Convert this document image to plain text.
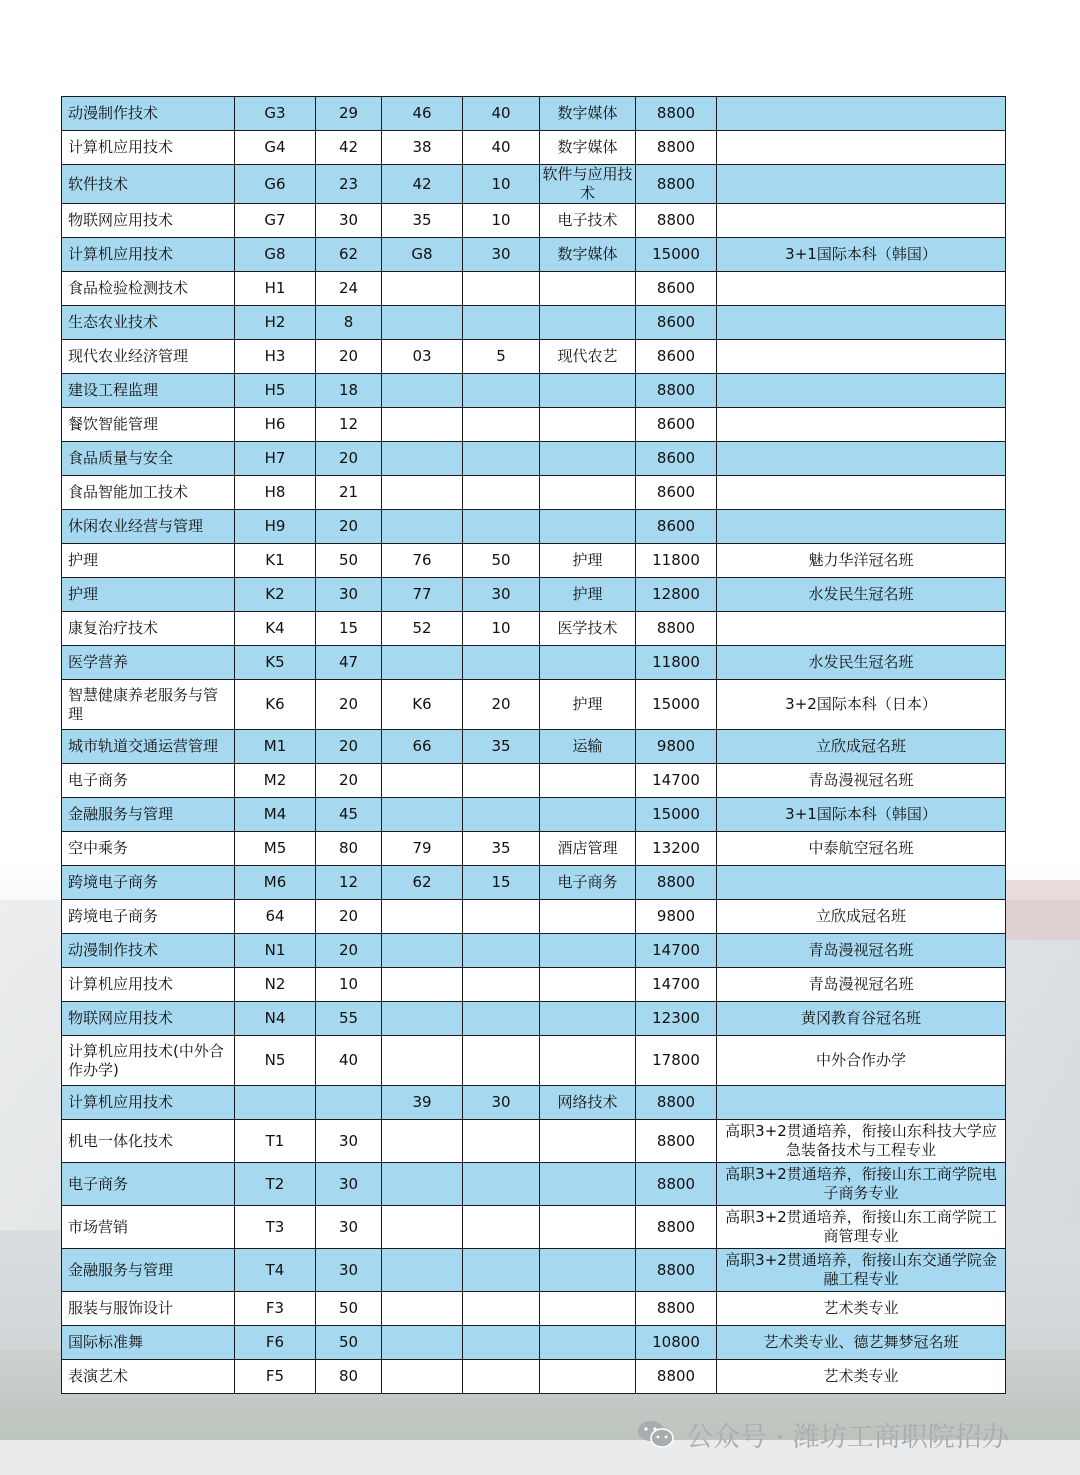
动漫制作技术	G3	29	46	40	数字媒体	8800	
计算机应用技术	G4	42	38	40	数字媒体	8800	
软件技术	G6	23	42	10	软件与应用技术	8800	
物联网应用技术	G7	30	35	10	电子技术	8800	
计算机应用技术	G8	62	G8	30	数字媒体	15000	3+1国际本科（韩国）
食品检验检测技术	H1	24				8600	
生态农业技术	H2	8				8600	
现代农业经济管理	H3	20	03	5	现代农艺	8600	
建设工程监理	H5	18				8800	
餐饮智能管理	H6	12				8600	
食品质量与安全	H7	20				8600	
食品智能加工技术	H8	21				8600	
休闲农业经营与管理	H9	20				8600	
护理	K1	50	76	50	护理	11800	魅力华洋冠名班
护理	K2	30	77	30	护理	12800	水发民生冠名班
康复治疗技术	K4	15	52	10	医学技术	8800	
医学营养	K5	47				11800	水发民生冠名班
智慧健康养老服务与管理	K6	20	K6	20	护理	15000	3+2国际本科（日本）
城市轨道交通运营管理	M1	20	66	35	运输	9800	立欣成冠名班
电子商务	M2	20				14700	青岛漫视冠名班
金融服务与管理	M4	45				15000	3+1国际本科（韩国）
空中乘务	M5	80	79	35	酒店管理	13200	中泰航空冠名班
跨境电子商务	M6	12	62	15	电子商务	8800	
跨境电子商务	64	20				9800	立欣成冠名班
动漫制作技术	N1	20				14700	青岛漫视冠名班
计算机应用技术	N2	10				14700	青岛漫视冠名班
物联网应用技术	N4	55				12300	黄冈教育谷冠名班
计算机应用技术(中外合作办学)	N5	40				17800	中外合作办学
计算机应用技术			39	30	网络技术	8800	
机电一体化技术	T1	30				8800	高职3+2贯通培养，衔接山东科技大学应急装备技术与工程专业
电子商务	T2	30				8800	高职3+2贯通培养，衔接山东工商学院电子商务专业
市场营销	T3	30				8800	高职3+2贯通培养，衔接山东工商学院工商管理专业
金融服务与管理	T4	30				8800	高职3+2贯通培养，衔接山东交通学院金融工程专业
服装与服饰设计	F3	50				8800	艺术类专业
国际标准舞	F6	50				10800	艺术类专业、德艺舞梦冠名班
表演艺术	F5	80				8800	艺术类专业
公众号 · 潍坊工商职院招办
